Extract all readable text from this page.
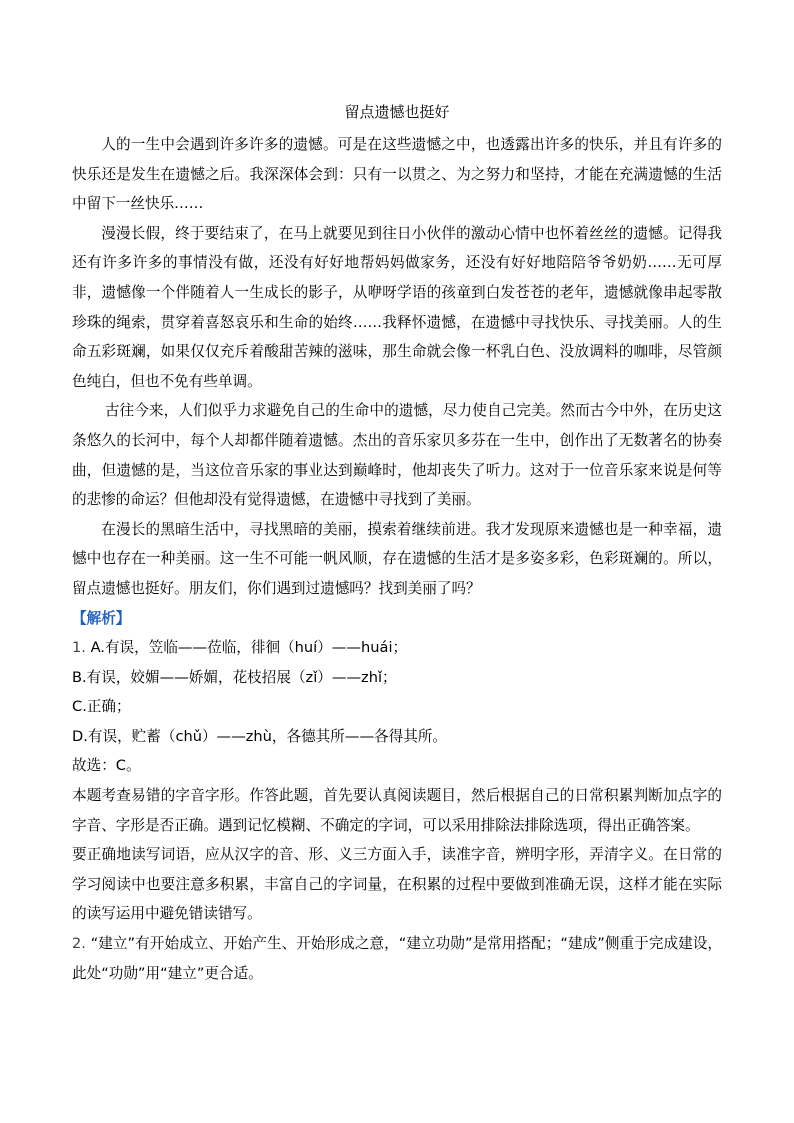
留点遗憾也挺好

人的一生中会遇到许多许多的遗憾。可是在这些遗憾之中，也透露出许多的快乐，并且有许多的快乐还是发生在遗憾之后。我深深体会到：只有一以贯之、为之努力和坚持，才能在充满遗憾的生活中留下一丝快乐……

漫漫长假，终于要结束了，在马上就要见到往日小伙伴的激动心情中也怀着丝丝的遗憾。记得我还有许多许多的事情没有做，还没有好好地帮妈妈做家务，还没有好好地陪陪爷爷奶奶……无可厚非，遗憾像一个伴随着人一生成长的影子，从咿呀学语的孩童到白发苍苍的老年，遗憾就像串起零散珍珠的绳索，贯穿着喜怒哀乐和生命的始终……我释怀遗憾，在遗憾中寻找快乐、寻找美丽。人的生命五彩斑斓，如果仅仅充斥着酸甜苦辣的滋味，那生命就会像一杯乳白色、没放调料的咖啡，尽管颜色纯白，但也不免有些单调。

古往今来，人们似乎力求避免自己的生命中的遗憾，尽力使自己完美。然而古今中外，在历史这条悠久的长河中，每个人却都伴随着遗憾。杰出的音乐家贝多芬在一生中，创作出了无数著名的协奏曲，但遗憾的是，当这位音乐家的事业达到巅峰时，他却丧失了听力。这对于一位音乐家来说是何等的悲惨的命运？但他却没有觉得遗憾，在遗憾中寻找到了美丽。

在漫长的黑暗生活中，寻找黑暗的美丽，摸索着继续前进。我才发现原来遗憾也是一种幸福，遗憾中也存在一种美丽。这一生不可能一帆风顺，存在遗憾的生活才是多姿多彩，色彩斑斓的。所以，留点遗憾也挺好。朋友们，你们遇到过遗憾吗？找到美丽了吗？

【解析】

1. A.有误，笠临——莅临，徘徊（huí）——huái；

B.有误，姣媚——娇媚，花枝招展（zǐ）——zhǐ；

C.正确；

D.有误，贮蓄（chǔ）——zhù，各德其所——各得其所。

故选：C。

本题考查易错的字音字形。作答此题，首先要认真阅读题目，然后根据自己的日常积累判断加点字的字音、字形是否正确。遇到记忆模糊、不确定的字词，可以采用排除法排除选项，得出正确答案。

要正确地读写词语，应从汉字的音、形、义三方面入手，读准字音，辨明字形，弄清字义。在日常的学习阅读中也要注意多积累，丰富自己的字词量，在积累的过程中要做到准确无误，这样才能在实际的读写运用中避免错读错写。

2. “建立”有开始成立、开始产生、开始形成之意，“建立功勋”是常用搭配；“建成”侧重于完成建设，此处“功勋”用“建立”更合适。
